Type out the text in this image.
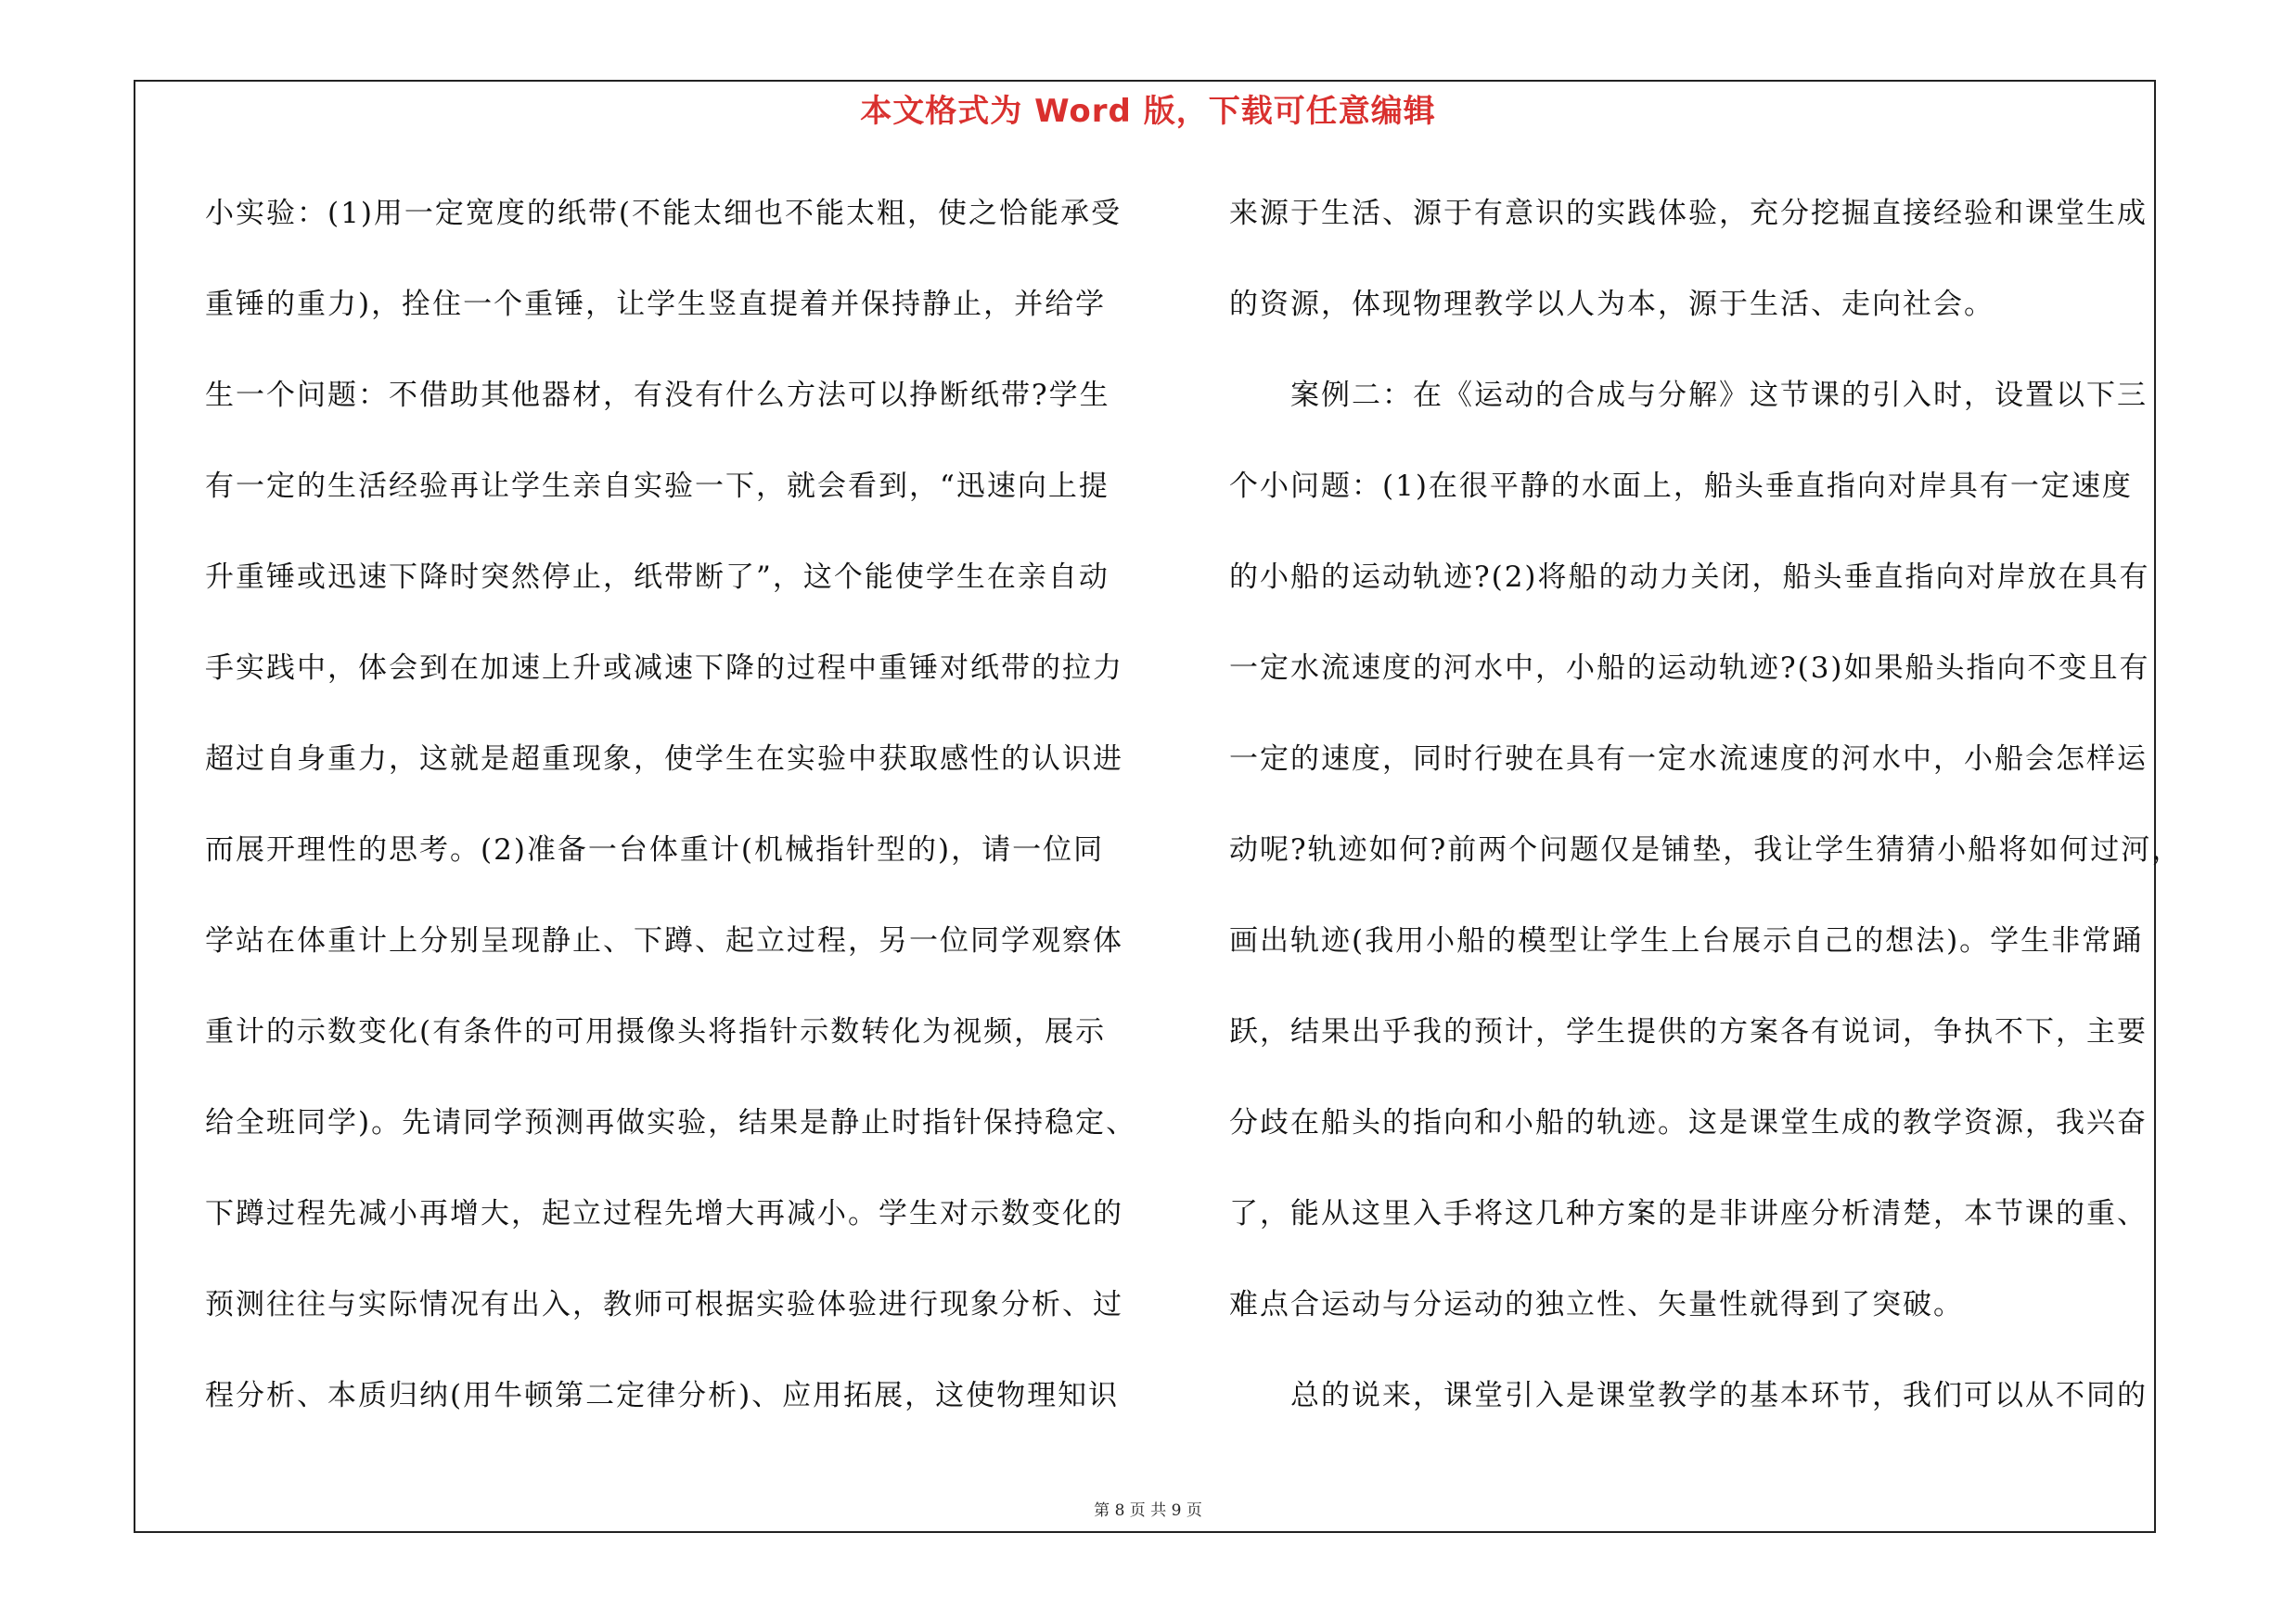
本文格式为 Word 版，下载可任意编辑
小实验：(1)用一定宽度的纸带(不能太细也不能太粗，使之恰能承受
重锤的重力)，拴住一个重锤，让学生竖直提着并保持静止，并给学
生一个问题：不借助其他器材，有没有什么方法可以挣断纸带?学生
有一定的生活经验再让学生亲自实验一下，就会看到，“迅速向上提
升重锤或迅速下降时突然停止，纸带断了”，这个能使学生在亲自动
手实践中，体会到在加速上升或减速下降的过程中重锤对纸带的拉力
超过自身重力，这就是超重现象，使学生在实验中获取感性的认识进
而展开理性的思考。(2)准备一台体重计(机械指针型的)，请一位同
学站在体重计上分别呈现静止、下蹲、起立过程，另一位同学观察体
重计的示数变化(有条件的可用摄像头将指针示数转化为视频，展示
给全班同学)。先请同学预测再做实验，结果是静止时指针保持稳定、
下蹲过程先减小再增大，起立过程先增大再减小。学生对示数变化的
预测往往与实际情况有出入，教师可根据实验体验进行现象分析、过
程分析、本质归纳(用牛顿第二定律分析)、应用拓展，这使物理知识
来源于生活、源于有意识的实践体验，充分挖掘直接经验和课堂生成
的资源，体现物理教学以人为本，源于生活、走向社会。
案例二：在《运动的合成与分解》这节课的引入时，设置以下三
个小问题：(1)在很平静的水面上，船头垂直指向对岸具有一定速度
的小船的运动轨迹?(2)将船的动力关闭，船头垂直指向对岸放在具有
一定水流速度的河水中，小船的运动轨迹?(3)如果船头指向不变且有
一定的速度，同时行驶在具有一定水流速度的河水中，小船会怎样运
动呢?轨迹如何?前两个问题仅是铺垫，我让学生猜猜小船将如何过河，
画出轨迹(我用小船的模型让学生上台展示自己的想法)。学生非常踊
跃，结果出乎我的预计，学生提供的方案各有说词，争执不下，主要
分歧在船头的指向和小船的轨迹。这是课堂生成的教学资源，我兴奋
了，能从这里入手将这几种方案的是非讲座分析清楚，本节课的重、
难点合运动与分运动的独立性、矢量性就得到了突破。
总的说来，课堂引入是课堂教学的基本环节，我们可以从不同的
第 8 页 共 9 页
